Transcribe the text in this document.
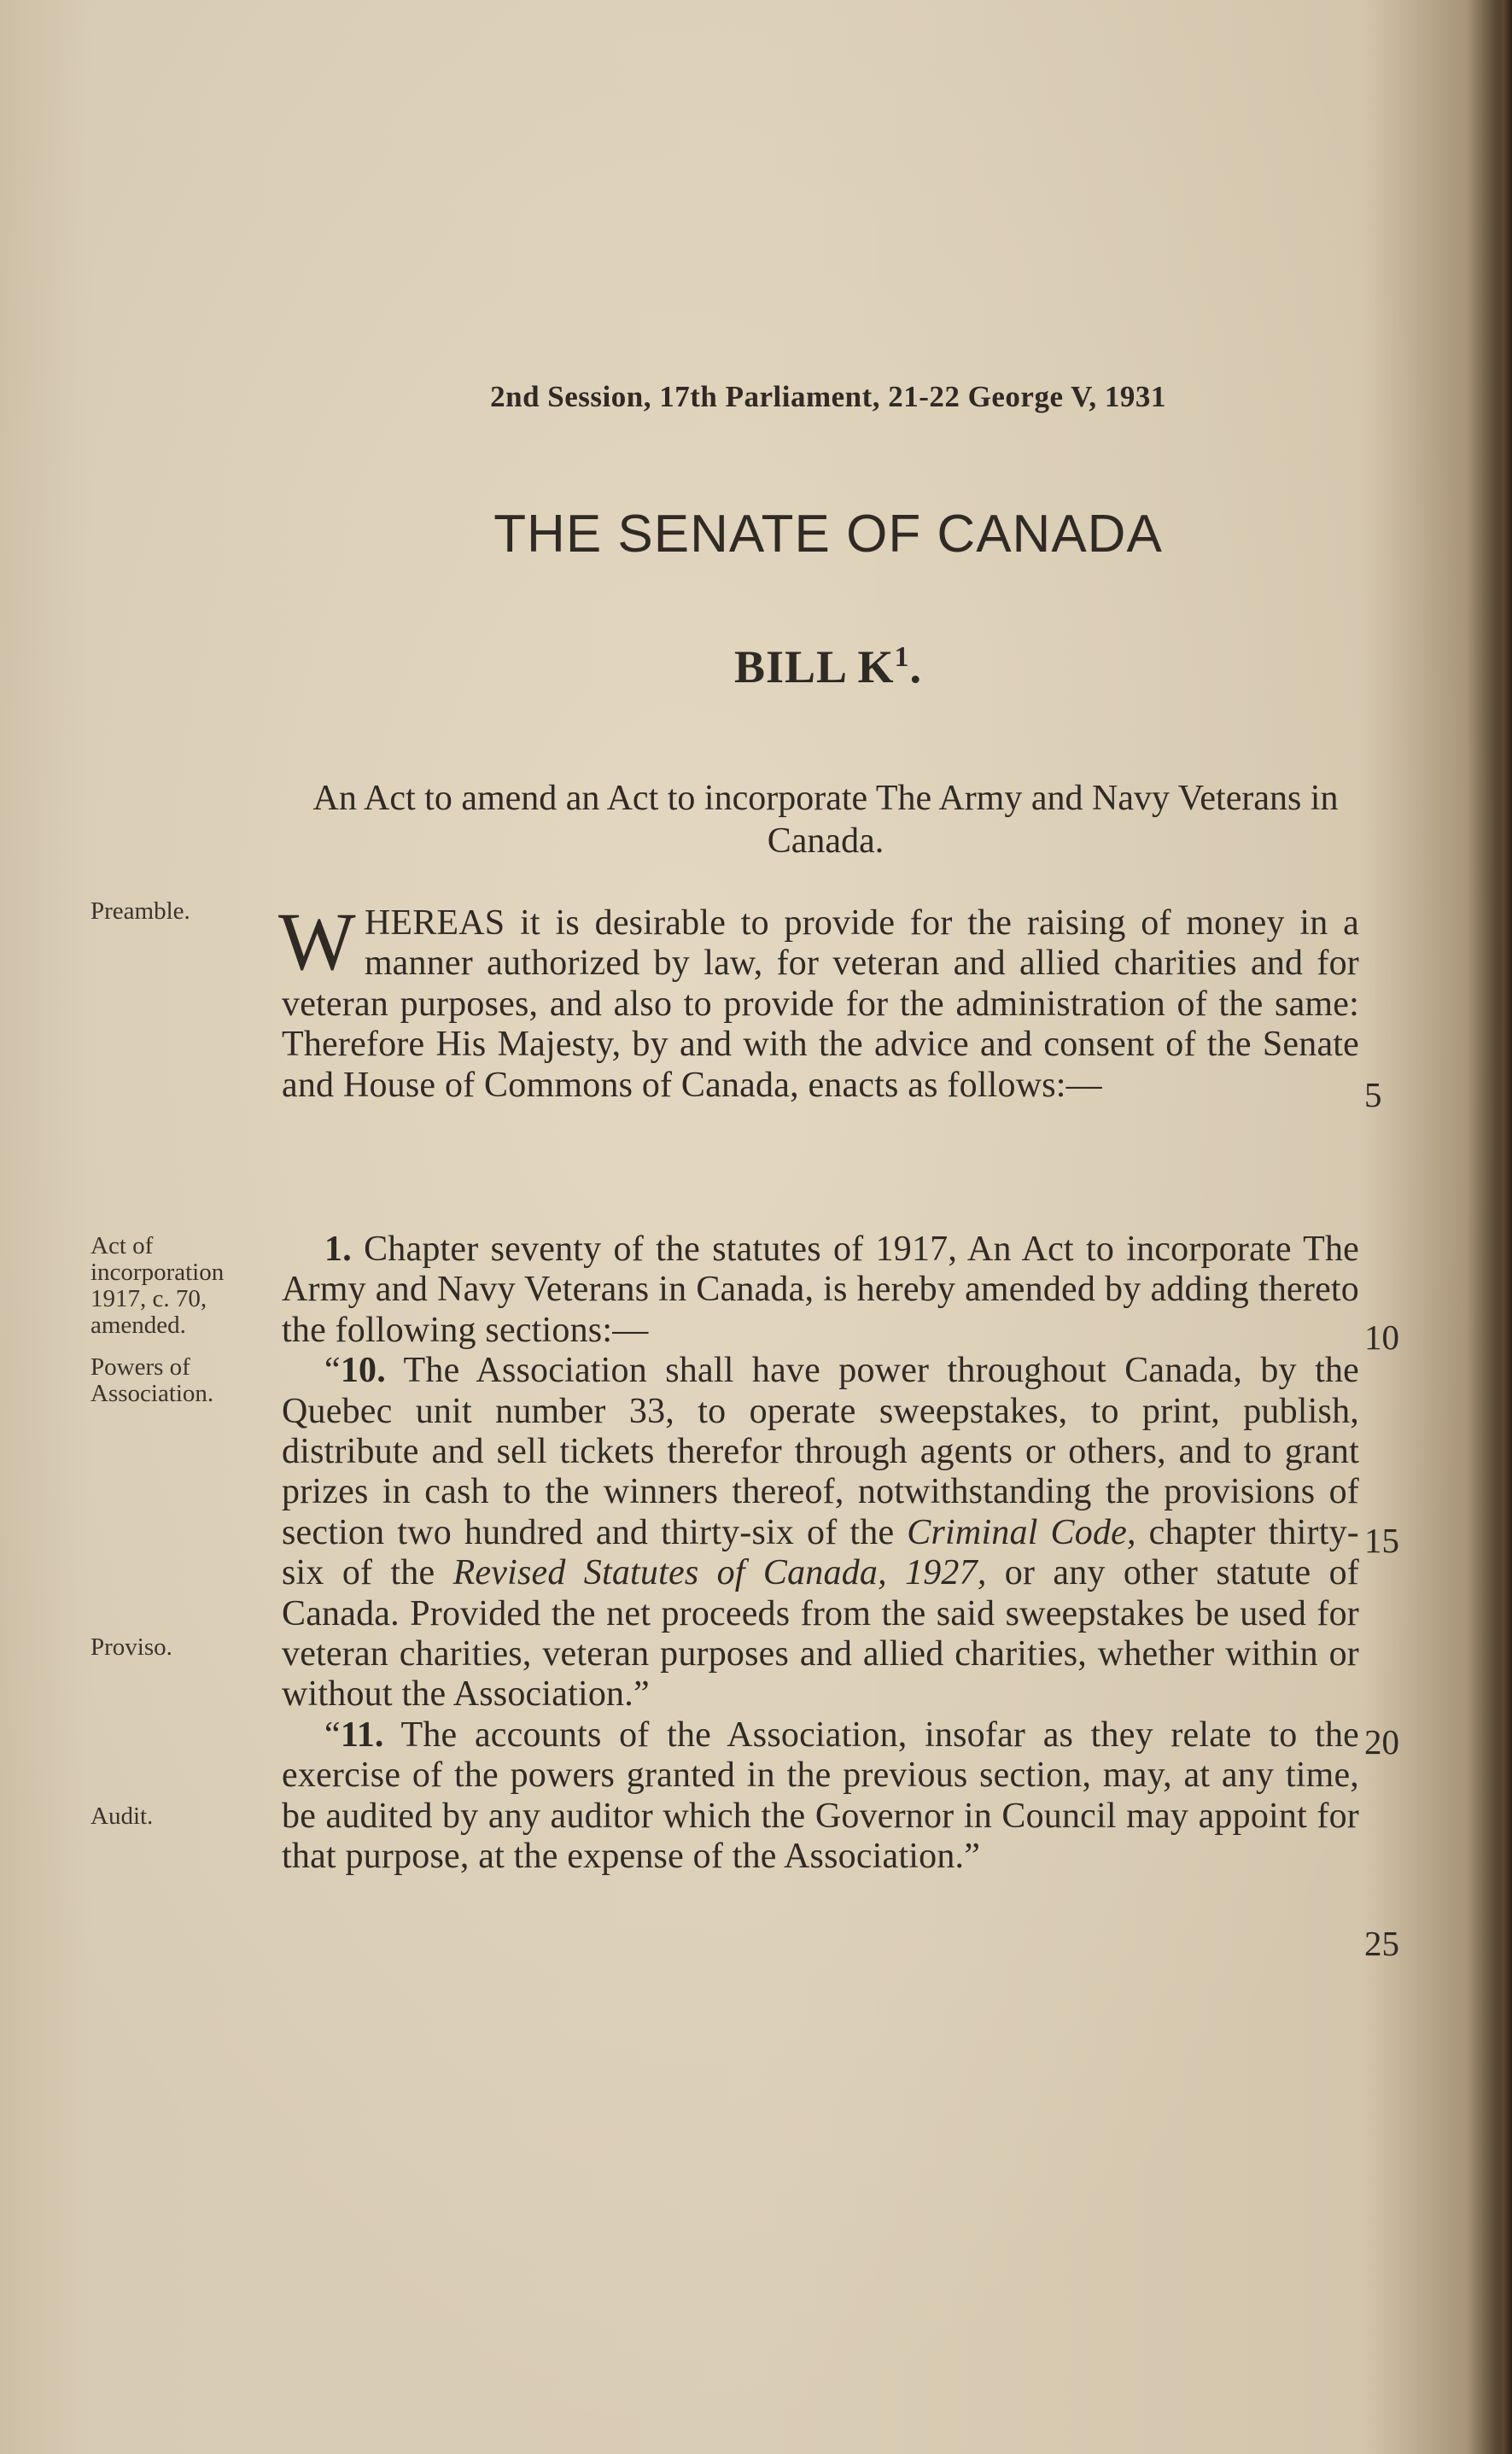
2nd Session, 17th Parliament, 21-22 George V, 1931
THE SENATE OF CANADA
BILL $K^1$.
An Act to amend an Act to incorporate The Army and Navy Veterans in Canada.
Preamble.
Act of incorporation 1917, c. 70, amended.
Powers of Association.
Proviso.
Audit.

WHEREAS it is desirable to provide for the raising of money in a manner authorized by law, for veteran and allied charities and for veteran purposes, and also to provide for the administration of the same: Therefore His Majesty, by and with the advice and consent of the Senate and House of Commons of Canada, enacts as follows:—

1. Chapter seventy of the statutes of 1917, An Act to incorporate The Army and Navy Veterans in Canada, is hereby amended by adding thereto the following sections:—

“10. The Association shall have power throughout Canada, by the Quebec unit number 33, to operate sweepstakes, to print, publish, distribute and sell tickets therefor through agents or others, and to grant prizes in cash to the winners thereof, notwithstanding the provisions of section two hundred and thirty-six of the Criminal Code, chapter thirty-six of the Revised Statutes of Canada, 1927, or any other statute of Canada. Provided the net proceeds from the said sweepstakes be used for veteran charities, veteran purposes and allied charities, whether within or without the Association.”

“11. The accounts of the Association, insofar as they relate to the exercise of the powers granted in the previous section, may, at any time, be audited by any auditor which the Governor in Council may appoint for that purpose, at the expense of the Association.”

5
10
15
20
25
